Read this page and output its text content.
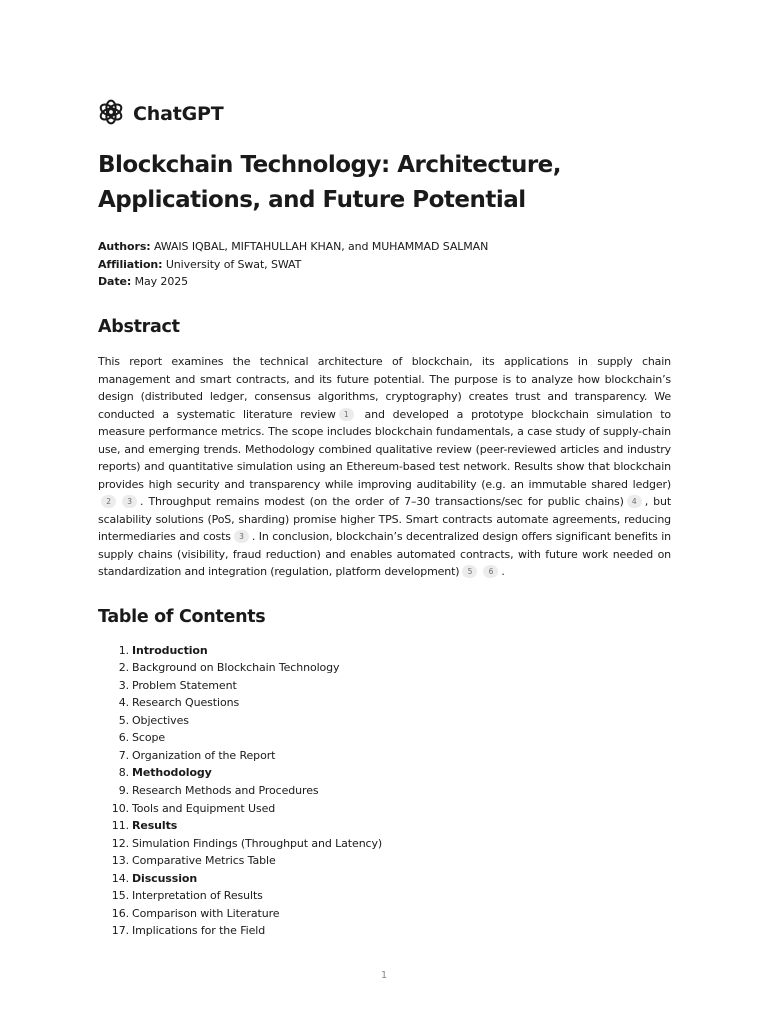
ChatGPT
Blockchain Technology: Architecture, Applications, and Future Potential
Authors: AWAIS IQBAL, MIFTAHULLAH KHAN, and MUHAMMAD SALMAN
Affiliation: University of Swat, SWAT
Date: May 2025
Abstract

This report examines the technical architecture of blockchain, its applications in supply chain management and smart contracts, and its future potential. The purpose is to analyze how blockchain’s design (distributed ledger, consensus algorithms, cryptography) creates trust and transparency. We conducted a systematic literature review 1 and developed a prototype blockchain simulation to measure performance metrics. The scope includes blockchain fundamentals, a case study of supply-chain use, and emerging trends. Methodology combined qualitative review (peer-reviewed articles and industry reports) and quantitative simulation using an Ethereum-based test network. Results show that blockchain provides high security and transparency while improving auditability (e.g. an immutable shared ledger)2 3 . Throughput remains modest (on the order of 7–30 transactions/sec for public chains) 4 , but scalability solutions (PoS, sharding) promise higher TPS. Smart contracts automate agreements, reducing intermediaries and costs 3 . In conclusion, blockchain’s decentralized design offers significant benefits in supply chains (visibility, fraud reduction) and enables automated contracts, with future work needed on standardization and integration (regulation, platform development) 5 6 .

Table of Contents
1. Introduction
2. Background on Blockchain Technology
3. Problem Statement
4. Research Questions
5. Objectives
6. Scope
7. Organization of the Report
8. Methodology
9. Research Methods and Procedures
10. Tools and Equipment Used
11. Results
12. Simulation Findings (Throughput and Latency)
13. Comparative Metrics Table
14. Discussion
15. Interpretation of Results
16. Comparison with Literature
17. Implications for the Field
1
